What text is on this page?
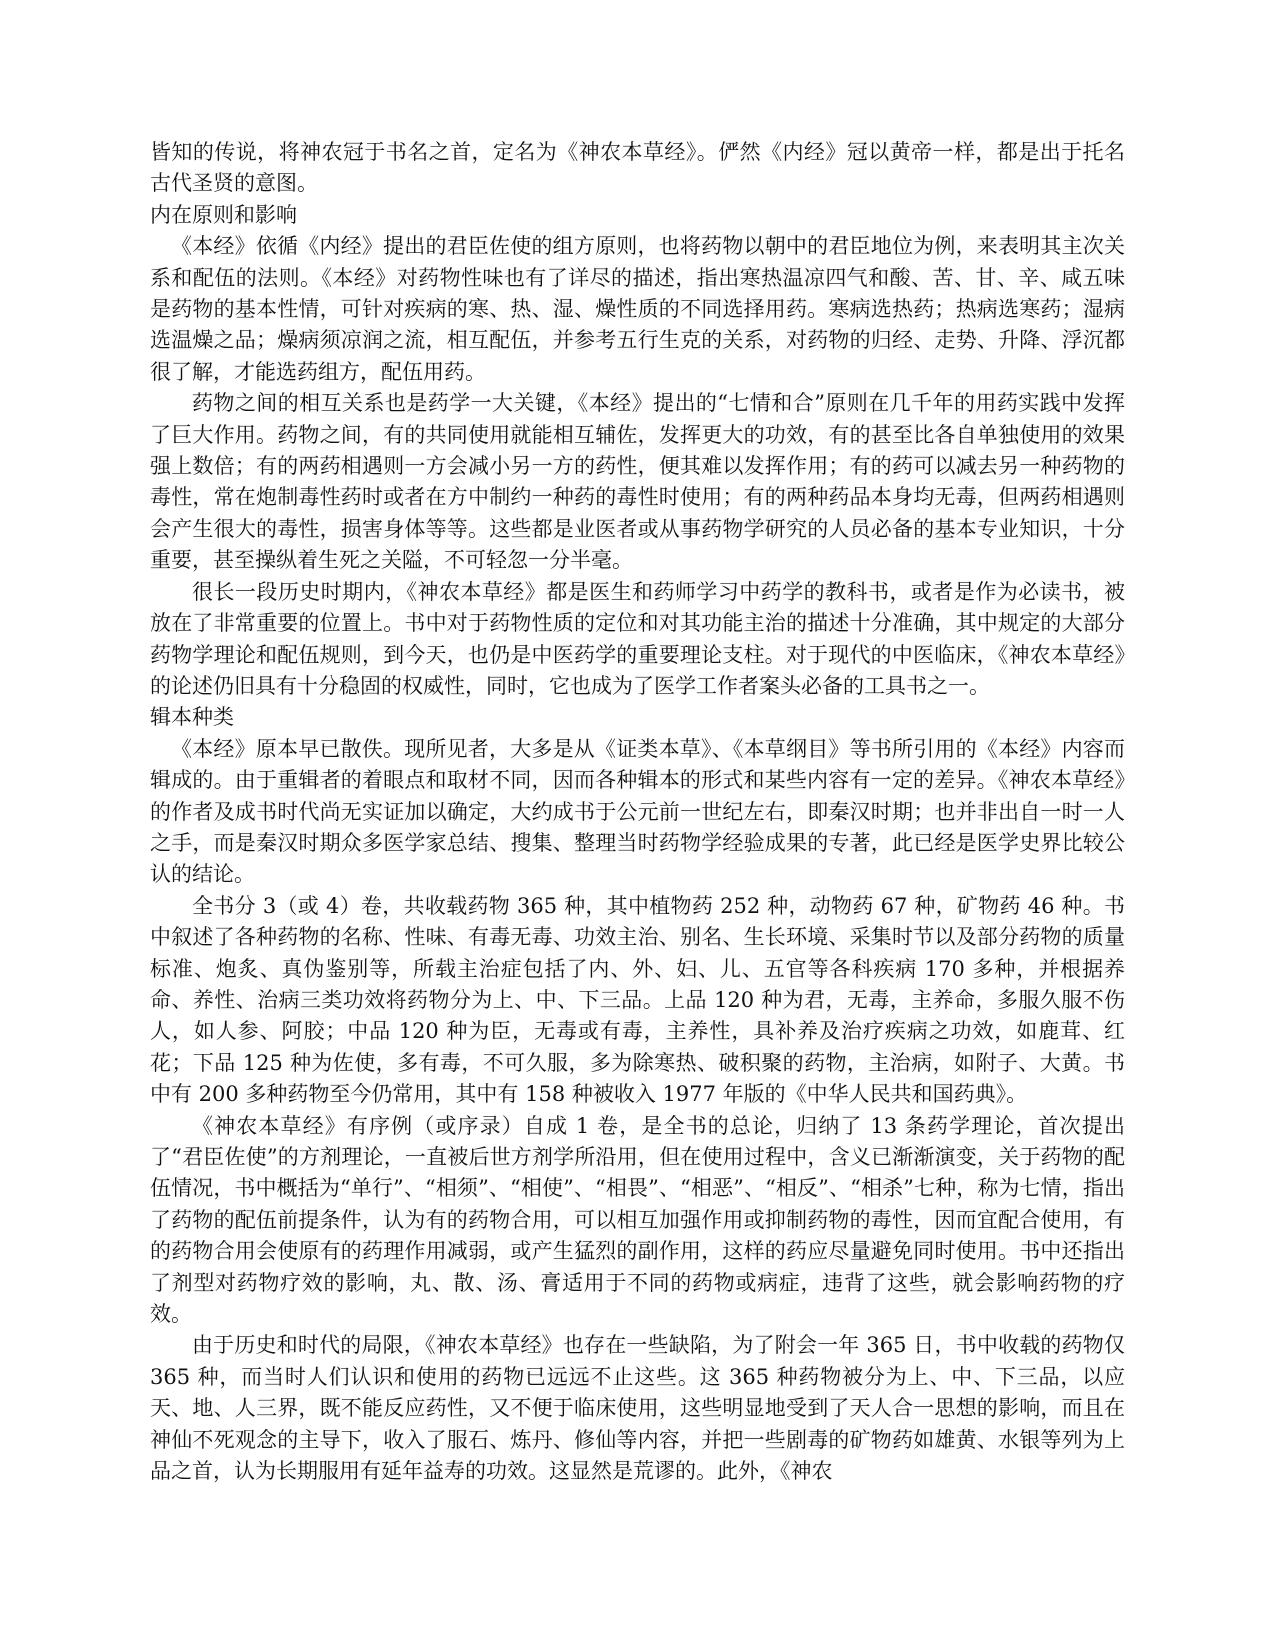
皆知的传说，将神农冠于书名之首，定名为《神农本草经》。俨然《内经》冠以黄帝一样，都是出于托名古代圣贤的意图。

内在原则和影响

《本经》依循《内经》提出的君臣佐使的组方原则，也将药物以朝中的君臣地位为例，来表明其主次关系和配伍的法则。《本经》对药物性味也有了详尽的描述，指出寒热温凉四气和酸、苦、甘、辛、咸五味是药物的基本性情，可针对疾病的寒、热、湿、燥性质的不同选择用药。寒病选热药；热病选寒药；湿病选温燥之品；燥病须凉润之流，相互配伍，并参考五行生克的关系，对药物的归经、走势、升降、浮沉都很了解，才能选药组方，配伍用药。

药物之间的相互关系也是药学一大关键，《本经》提出的“七情和合”原则在几千年的用药实践中发挥了巨大作用。药物之间，有的共同使用就能相互辅佐，发挥更大的功效，有的甚至比各自单独使用的效果强上数倍；有的两药相遇则一方会减小另一方的药性，便其难以发挥作用；有的药可以减去另一种药物的毒性，常在炮制毒性药时或者在方中制约一种药的毒性时使用；有的两种药品本身均无毒，但两药相遇则会产生很大的毒性，损害身体等等。这些都是业医者或从事药物学研究的人员必备的基本专业知识，十分重要，甚至操纵着生死之关隘，不可轻忽一分半毫。

很长一段历史时期内，《神农本草经》都是医生和药师学习中药学的教科书，或者是作为必读书，被放在了非常重要的位置上。书中对于药物性质的定位和对其功能主治的描述十分准确，其中规定的大部分药物学理论和配伍规则，到今天，也仍是中医药学的重要理论支柱。对于现代的中医临床，《神农本草经》的论述仍旧具有十分稳固的权威性，同时，它也成为了医学工作者案头必备的工具书之一。

辑本种类

《本经》原本早已散佚。现所见者，大多是从《证类本草》、《本草纲目》等书所引用的《本经》内容而辑成的。由于重辑者的着眼点和取材不同，因而各种辑本的形式和某些内容有一定的差异。《神农本草经》的作者及成书时代尚无实证加以确定，大约成书于公元前一世纪左右，即秦汉时期；也并非出自一时一人之手，而是秦汉时期众多医学家总结、搜集、整理当时药物学经验成果的专著，此已经是医学史界比较公认的结论。

全书分 3（或 4）卷，共收载药物 365 种，其中植物药 252 种，动物药 67 种，矿物药 46 种。书中叙述了各种药物的名称、性味、有毒无毒、功效主治、别名、生长环境、采集时节以及部分药物的质量标准、炮炙、真伪鉴别等，所载主治症包括了内、外、妇、儿、五官等各科疾病 170 多种，并根据养命、养性、治病三类功效将药物分为上、中、下三品。上品 120 种为君，无毒，主养命，多服久服不伤人，如人参、阿胶；中品 120 种为臣，无毒或有毒，主养性，具补养及治疗疾病之功效，如鹿茸、红花；下品 125 种为佐使，多有毒，不可久服，多为除寒热、破积聚的药物，主治病，如附子、大黄。书中有 200 多种药物至今仍常用，其中有 158 种被收入 1977 年版的《中华人民共和国药典》。

《神农本草经》有序例（或序录）自成 1 卷，是全书的总论，归纳了 13 条药学理论，首次提出了“君臣佐使”的方剂理论，一直被后世方剂学所沿用，但在使用过程中，含义已渐渐演变，关于药物的配伍情况，书中概括为“单行”、“相须”、“相使”、“相畏”、“相恶”、“相反”、“相杀”七种，称为七情，指出了药物的配伍前提条件，认为有的药物合用，可以相互加强作用或抑制药物的毒性，因而宜配合使用，有的药物合用会使原有的药理作用减弱，或产生猛烈的副作用，这样的药应尽量避免同时使用。书中还指出了剂型对药物疗效的影响，丸、散、汤、膏适用于不同的药物或病症，违背了这些，就会影响药物的疗效。

由于历史和时代的局限，《神农本草经》也存在一些缺陷，为了附会一年 365 日，书中收载的药物仅 365 种，而当时人们认识和使用的药物已远远不止这些。这 365 种药物被分为上、中、下三品，以应天、地、人三界，既不能反应药性，又不便于临床使用，这些明显地受到了天人合一思想的影响，而且在神仙不死观念的主导下，收入了服石、炼丹、修仙等内容，并把一些剧毒的矿物药如雄黄、水银等列为上品之首，认为长期服用有延年益寿的功效。这显然是荒谬的。此外，《神农
